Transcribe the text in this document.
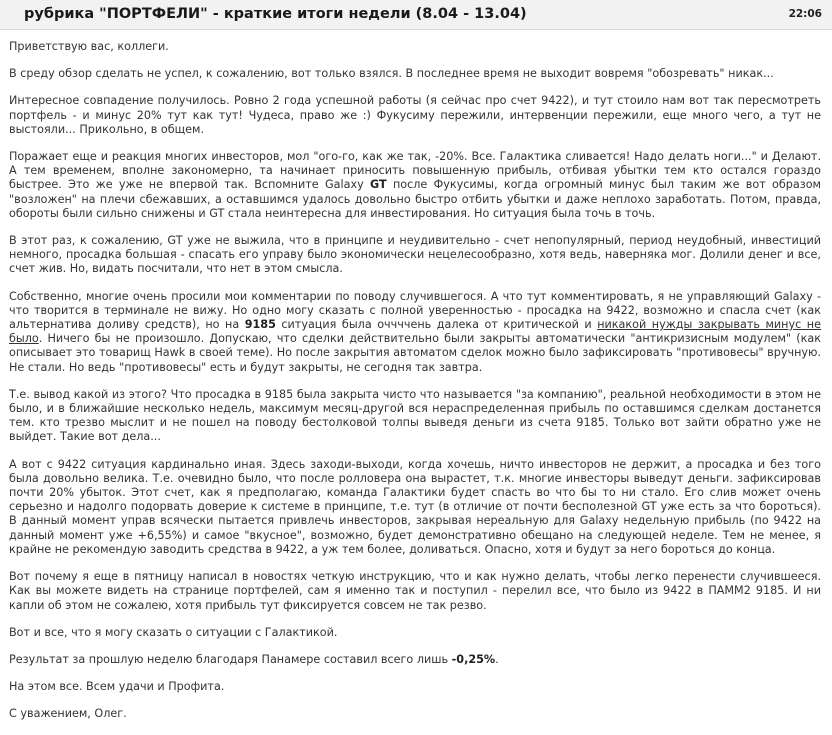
рубрика "ПОРТФЕЛИ" - краткие итоги недели (8.04 - 13.04)	22:06

Приветствую вас, коллеги.

В среду обзор сделать не успел, к сожалению, вот только взялся. В последнее время не выходит вовремя "обозревать" никак...

Интересное совпадение получилось. Ровно 2 года успешной работы (я сейчас про счет 9422), и тут стоило нам вот так пересмотреть портфель - и минус 20% тут как тут! Чудеса, право же :) Фукусиму пережили, интервенции пережили, еще много чего, а тут не выстояли... Прикольно, в общем.

Поражает еще и реакция многих инвесторов, мол "ого-го, как же так, -20%. Все. Галактика сливается! Надо делать ноги..." и Делают. А тем временем, вполне закономерно, та начинает приносить повышенную прибыль, отбивая убытки тем кто остался гораздо быстрее. Это же уже не впервой так. Вспомните Galaxy GT после Фукусимы, когда огромный минус был таким же вот образом "возложен" на плечи сбежавших, а оставшимся удалось довольно быстро отбить убытки и даже неплохо заработать. Потом, правда, обороты были сильно снижены и GT стала неинтересна для инвестирования. Но ситуация была точь в точь.

В этот раз, к сожалению, GT уже не выжила, что в принципе и неудивительно - счет непопулярный, период неудобный, инвестиций немного, просадка большая - спасать его управу было экономически нецелесообразно, хотя ведь, наверняка мог. Долили денег и все, счет жив. Но, видать посчитали, что нет в этом смысла.

Собственно, многие очень просили мои комментарии по поводу случившегося. А что тут комментировать, я не управляющий Galaxy - что творится в терминале не вижу. Но одно могу сказать с полной уверенностью - просадка на 9422, возможно и спасла счет (как альтернатива доливу средств), но на 9185 ситуация была оччччень далека от критической и никакой нужды закрывать минус не было. Ничего бы не произошло. Допускаю, что сделки действительно были закрыты автоматически "антикризисным модулем" (как описывает это товарищ Hawk в своей теме). Но после закрытия автоматом сделок можно было зафиксировать "противовесы" вручную. Не стали. Но ведь "противовесы" есть и будут закрыты, не сегодня так завтра.

Т.е. вывод какой из этого? Что просадка в 9185 была закрыта чисто что называется "за компанию", реальной необходимости в этом не было, и в ближайшие несколько недель, максимум месяц-другой вся нераспределенная прибыль по оставшимся сделкам достанется тем. кто трезво мыслит и не пошел на поводу бестолковой толпы выведя деньги из счета 9185. Только вот зайти обратно уже не выйдет. Такие вот дела...

А вот с 9422 ситуация кардинально иная. Здесь заходи-выходи, когда хочешь, ничто инвесторов не держит, а просадка и без того была довольно велика. Т.е. очевидно было, что после ролловера она вырастет, т.к. многие инвесторы выведут деньги. зафиксировав почти 20% убыток. Этот счет, как я предполагаю, команда Галактики будет спасть во что бы то ни стало. Его слив может очень серьезно и надолго подорвать доверие к системе в принципе, т.е. тут (в отличие от почти бесполезной GT уже есть за что бороться). В данный момент управ всячески пытается привлечь инвесторов, закрывая нереальную для Galaxy недельную прибыль (по 9422 на данный момент уже +6,55%) и самое "вкусное", возможно, будет демонстративно обещано на следующей неделе. Тем не менее, я крайне не рекомендую заводить средства в 9422, а уж тем более, доливаться. Опасно, хотя и будут за него бороться до конца.

Вот почему я еще в пятницу написал в новостях четкую инструкцию, что и как нужно делать, чтобы легко перенести случившееся. Как вы можете видеть на странице портфелей, сам я именно так и поступил - перелил все, что было из 9422 в ПАММ2 9185. И ни капли об этом не сожалею, хотя прибыль тут фиксируется совсем не так резво.

Вот и все, что я могу сказать о ситуации с Галактикой.

Результат за прошлую неделю благодаря Панамере составил всего лишь -0,25%.

На этом все. Всем удачи и Профита.

С уважением, Олег.
